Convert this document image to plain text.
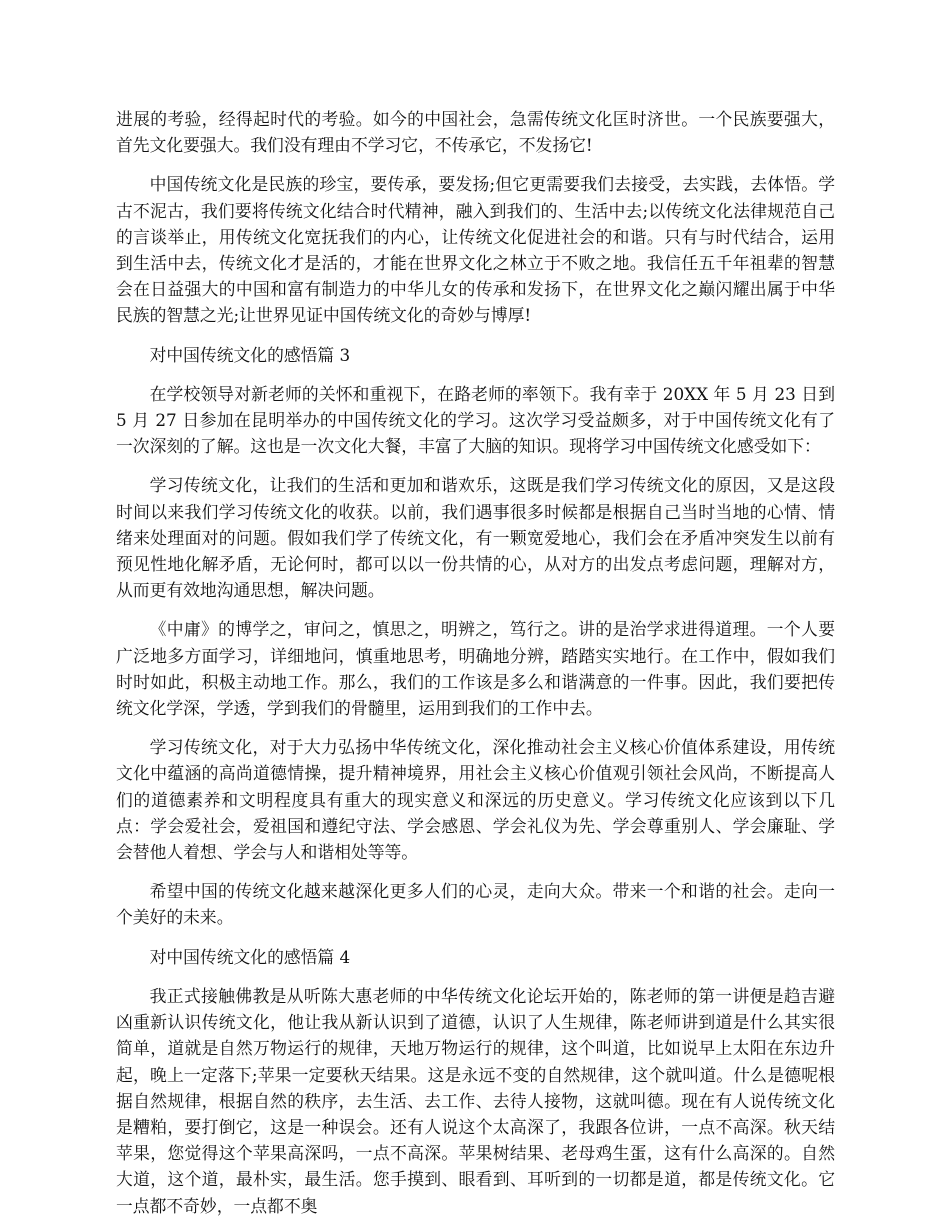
进展的考验，经得起时代的考验。如今的中国社会，急需传统文化匡时济世。一个民族要强大，首先文化要强大。我们没有理由不学习它，不传承它，不发扬它!

中国传统文化是民族的珍宝，要传承，要发扬;但它更需要我们去接受，去实践，去体悟。学古不泥古，我们要将传统文化结合时代精神，融入到我们的、生活中去;以传统文化法律规范自己的言谈举止，用传统文化宽抚我们的内心，让传统文化促进社会的和谐。只有与时代结合，运用到生活中去，传统文化才是活的，才能在世界文化之林立于不败之地。我信任五千年祖辈的智慧会在日益强大的中国和富有制造力的中华儿女的传承和发扬下，在世界文化之巅闪耀出属于中华民族的智慧之光;让世界见证中国传统文化的奇妙与博厚!

对中国传统文化的感悟篇 3

在学校领导对新老师的关怀和重视下，在路老师的率领下。我有幸于 20XX 年 5 月 23 日到 5 月 27 日参加在昆明举办的中国传统文化的学习。这次学习受益颇多，对于中国传统文化有了一次深刻的了解。这也是一次文化大餐，丰富了大脑的知识。现将学习中国传统文化感受如下：

学习传统文化，让我们的生活和更加和谐欢乐，这既是我们学习传统文化的原因，又是这段时间以来我们学习传统文化的收获。以前，我们遇事很多时候都是根据自己当时当地的心情、情绪来处理面对的问题。假如我们学了传统文化，有一颗宽爱地心，我们会在矛盾冲突发生以前有预见性地化解矛盾，无论何时，都可以以一份共情的心，从对方的出发点考虑问题，理解对方，从而更有效地沟通思想，解决问题。

《中庸》的博学之，审问之，慎思之，明辨之，笃行之。讲的是治学求进得道理。一个人要广泛地多方面学习，详细地问，慎重地思考，明确地分辨，踏踏实实地行。在工作中，假如我们时时如此，积极主动地工作。那么，我们的工作该是多么和谐满意的一件事。因此，我们要把传统文化学深，学透，学到我们的骨髓里，运用到我们的工作中去。

学习传统文化，对于大力弘扬中华传统文化，深化推动社会主义核心价值体系建设，用传统文化中蕴涵的高尚道德情操，提升精神境界，用社会主义核心价值观引领社会风尚，不断提高人们的道德素养和文明程度具有重大的现实意义和深远的历史意义。学习传统文化应该到以下几点：学会爱社会，爱祖国和遵纪守法、学会感恩、学会礼仪为先、学会尊重别人、学会廉耻、学会替他人着想、学会与人和谐相处等等。

希望中国的传统文化越来越深化更多人们的心灵，走向大众。带来一个和谐的社会。走向一个美好的未来。

对中国传统文化的感悟篇 4

我正式接触佛教是从听陈大惠老师的中华传统文化论坛开始的，陈老师的第一讲便是趋吉避凶重新认识传统文化，他让我从新认识到了道德，认识了人生规律，陈老师讲到道是什么其实很简单，道就是自然万物运行的规律，天地万物运行的规律，这个叫道，比如说早上太阳在东边升起，晚上一定落下;苹果一定要秋天结果。这是永远不变的自然规律，这个就叫道。什么是德呢根据自然规律，根据自然的秩序，去生活、去工作、去待人接物，这就叫德。现在有人说传统文化是糟粕，要打倒它，这是一种误会。还有人说这个太高深了，我跟各位讲，一点不高深。秋天结苹果，您觉得这个苹果高深吗，一点不高深。苹果树结果、老母鸡生蛋，这有什么高深的。自然大道，这个道，最朴实，最生活。您手摸到、眼看到、耳听到的一切都是道，都是传统文化。它一点都不奇妙，一点都不奥
